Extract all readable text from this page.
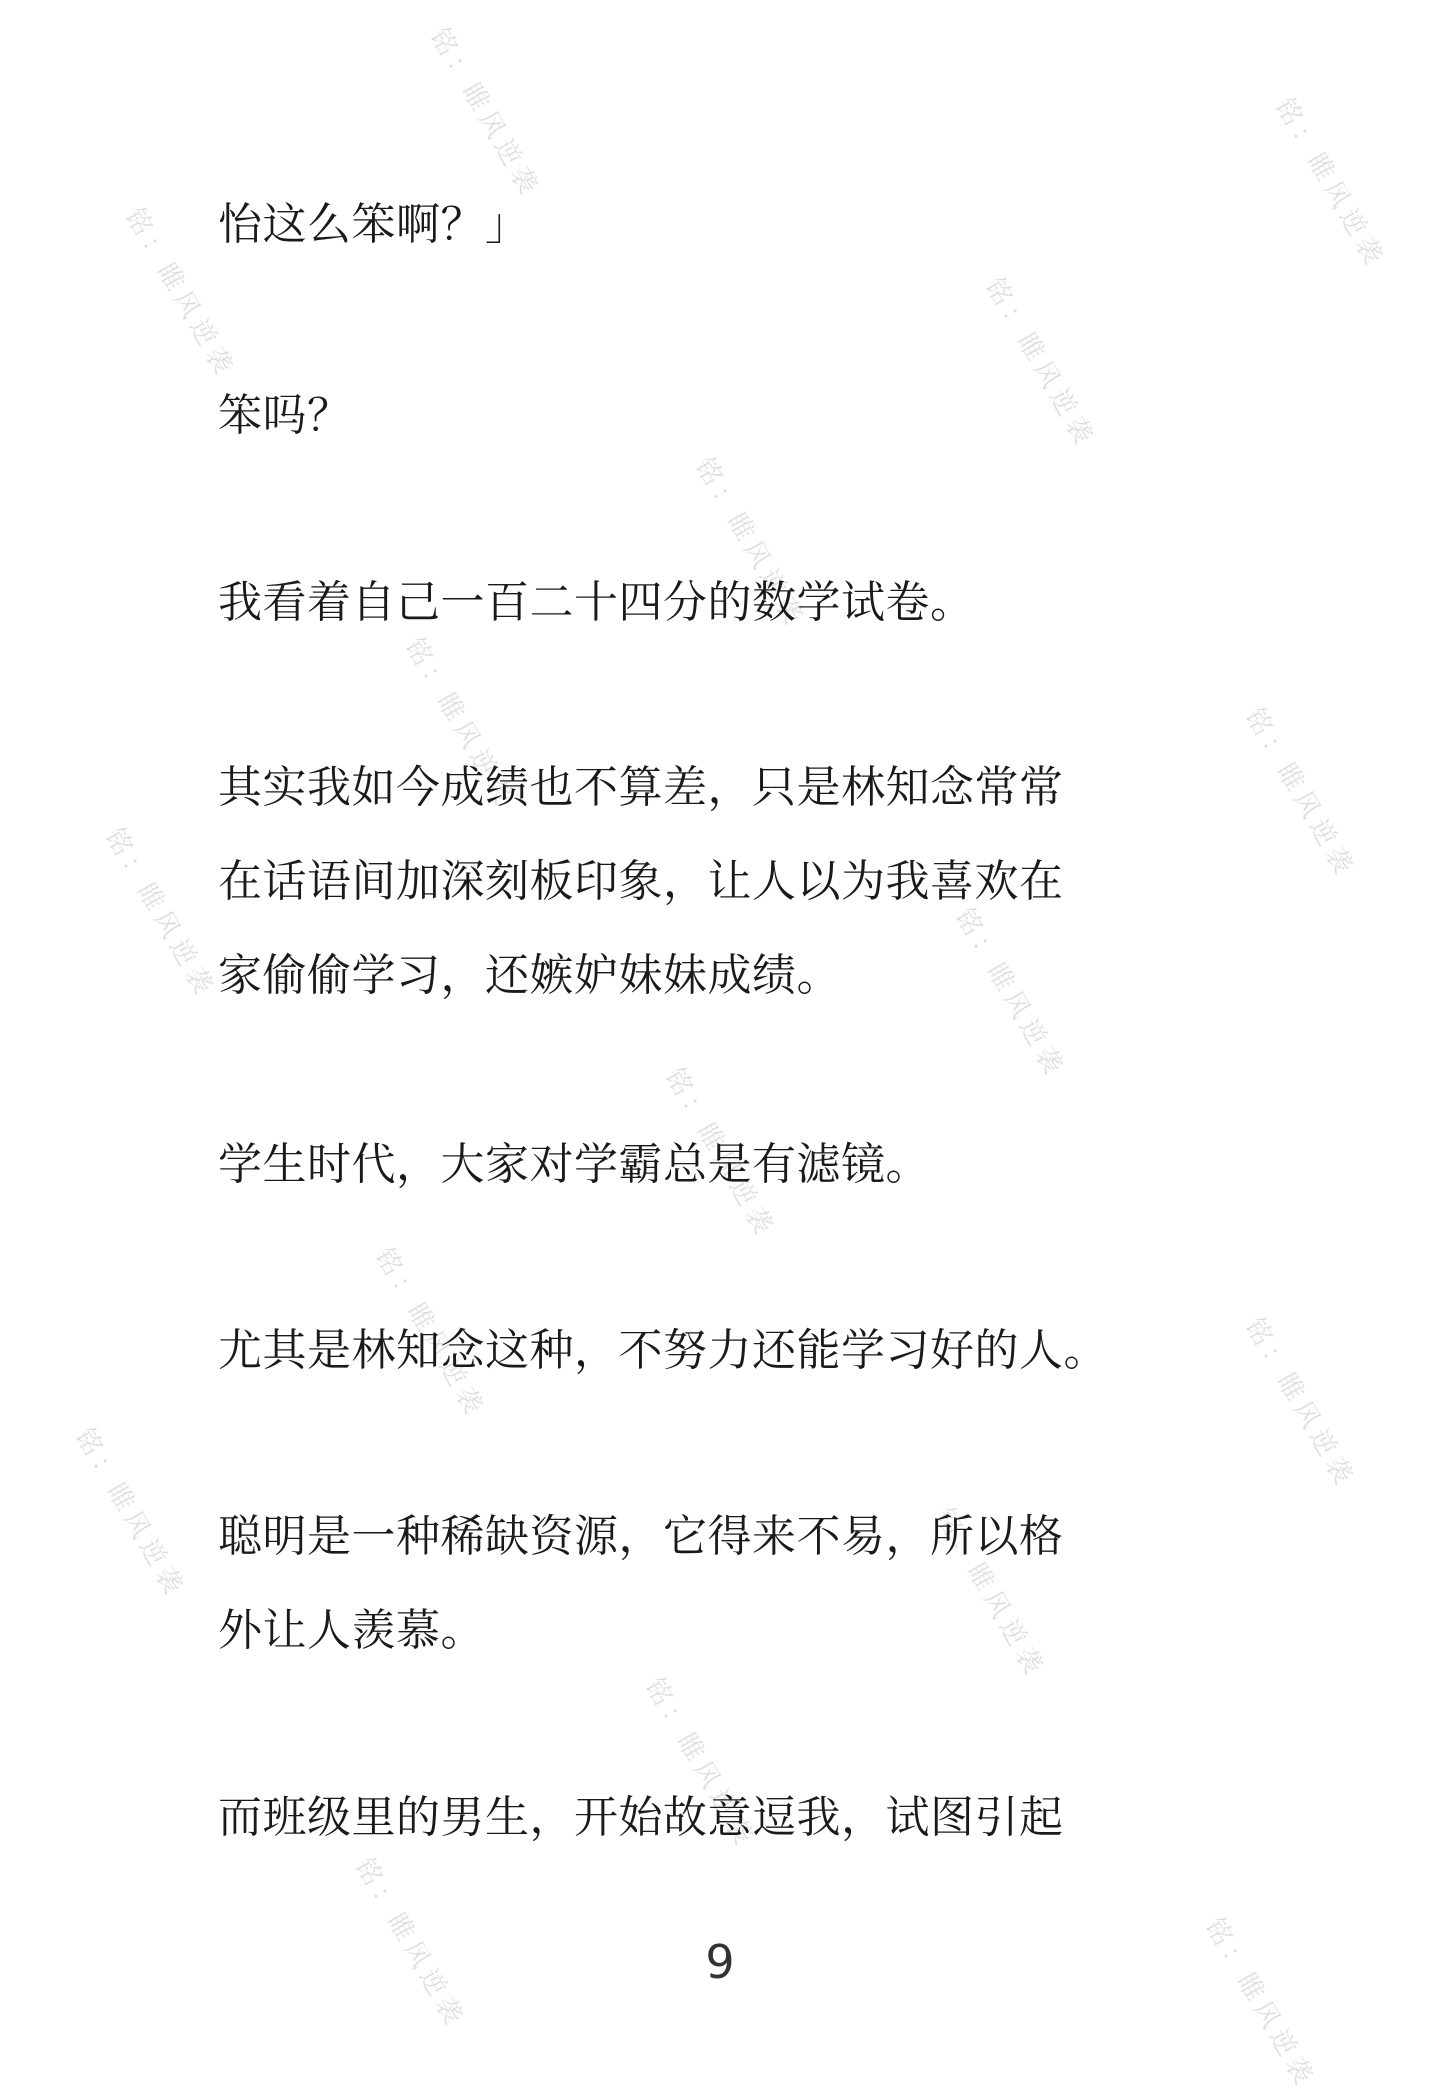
怡这么笨啊？」

笨吗？

我看着自己一百二十四分的数学试卷。

其实我如今成绩也不算差，只是林知念常常
在话语间加深刻板印象，让人以为我喜欢在
家偷偷学习，还嫉妒妹妹成绩。

学生时代，大家对学霸总是有滤镜。

尤其是林知念这种，不努力还能学习好的人。

聪明是一种稀缺资源，它得来不易，所以格
外让人羡慕。

而班级里的男生，开始故意逗我，试图引起

9
铭：睢风逆袭	铭：睢风逆袭
铭：睢风逆袭	铭：睢风逆袭
铭：睢风逆袭
铭：睢风逆袭	铭：睢风逆袭
铭：睢风逆袭	铭：睢风逆袭
铭：睢风逆袭
铭：睢风逆袭	铭：睢风逆袭
铭：睢风逆袭	铭：睢风逆袭
铭：睢风逆袭
铭：睢风逆袭	铭：睢风逆袭
